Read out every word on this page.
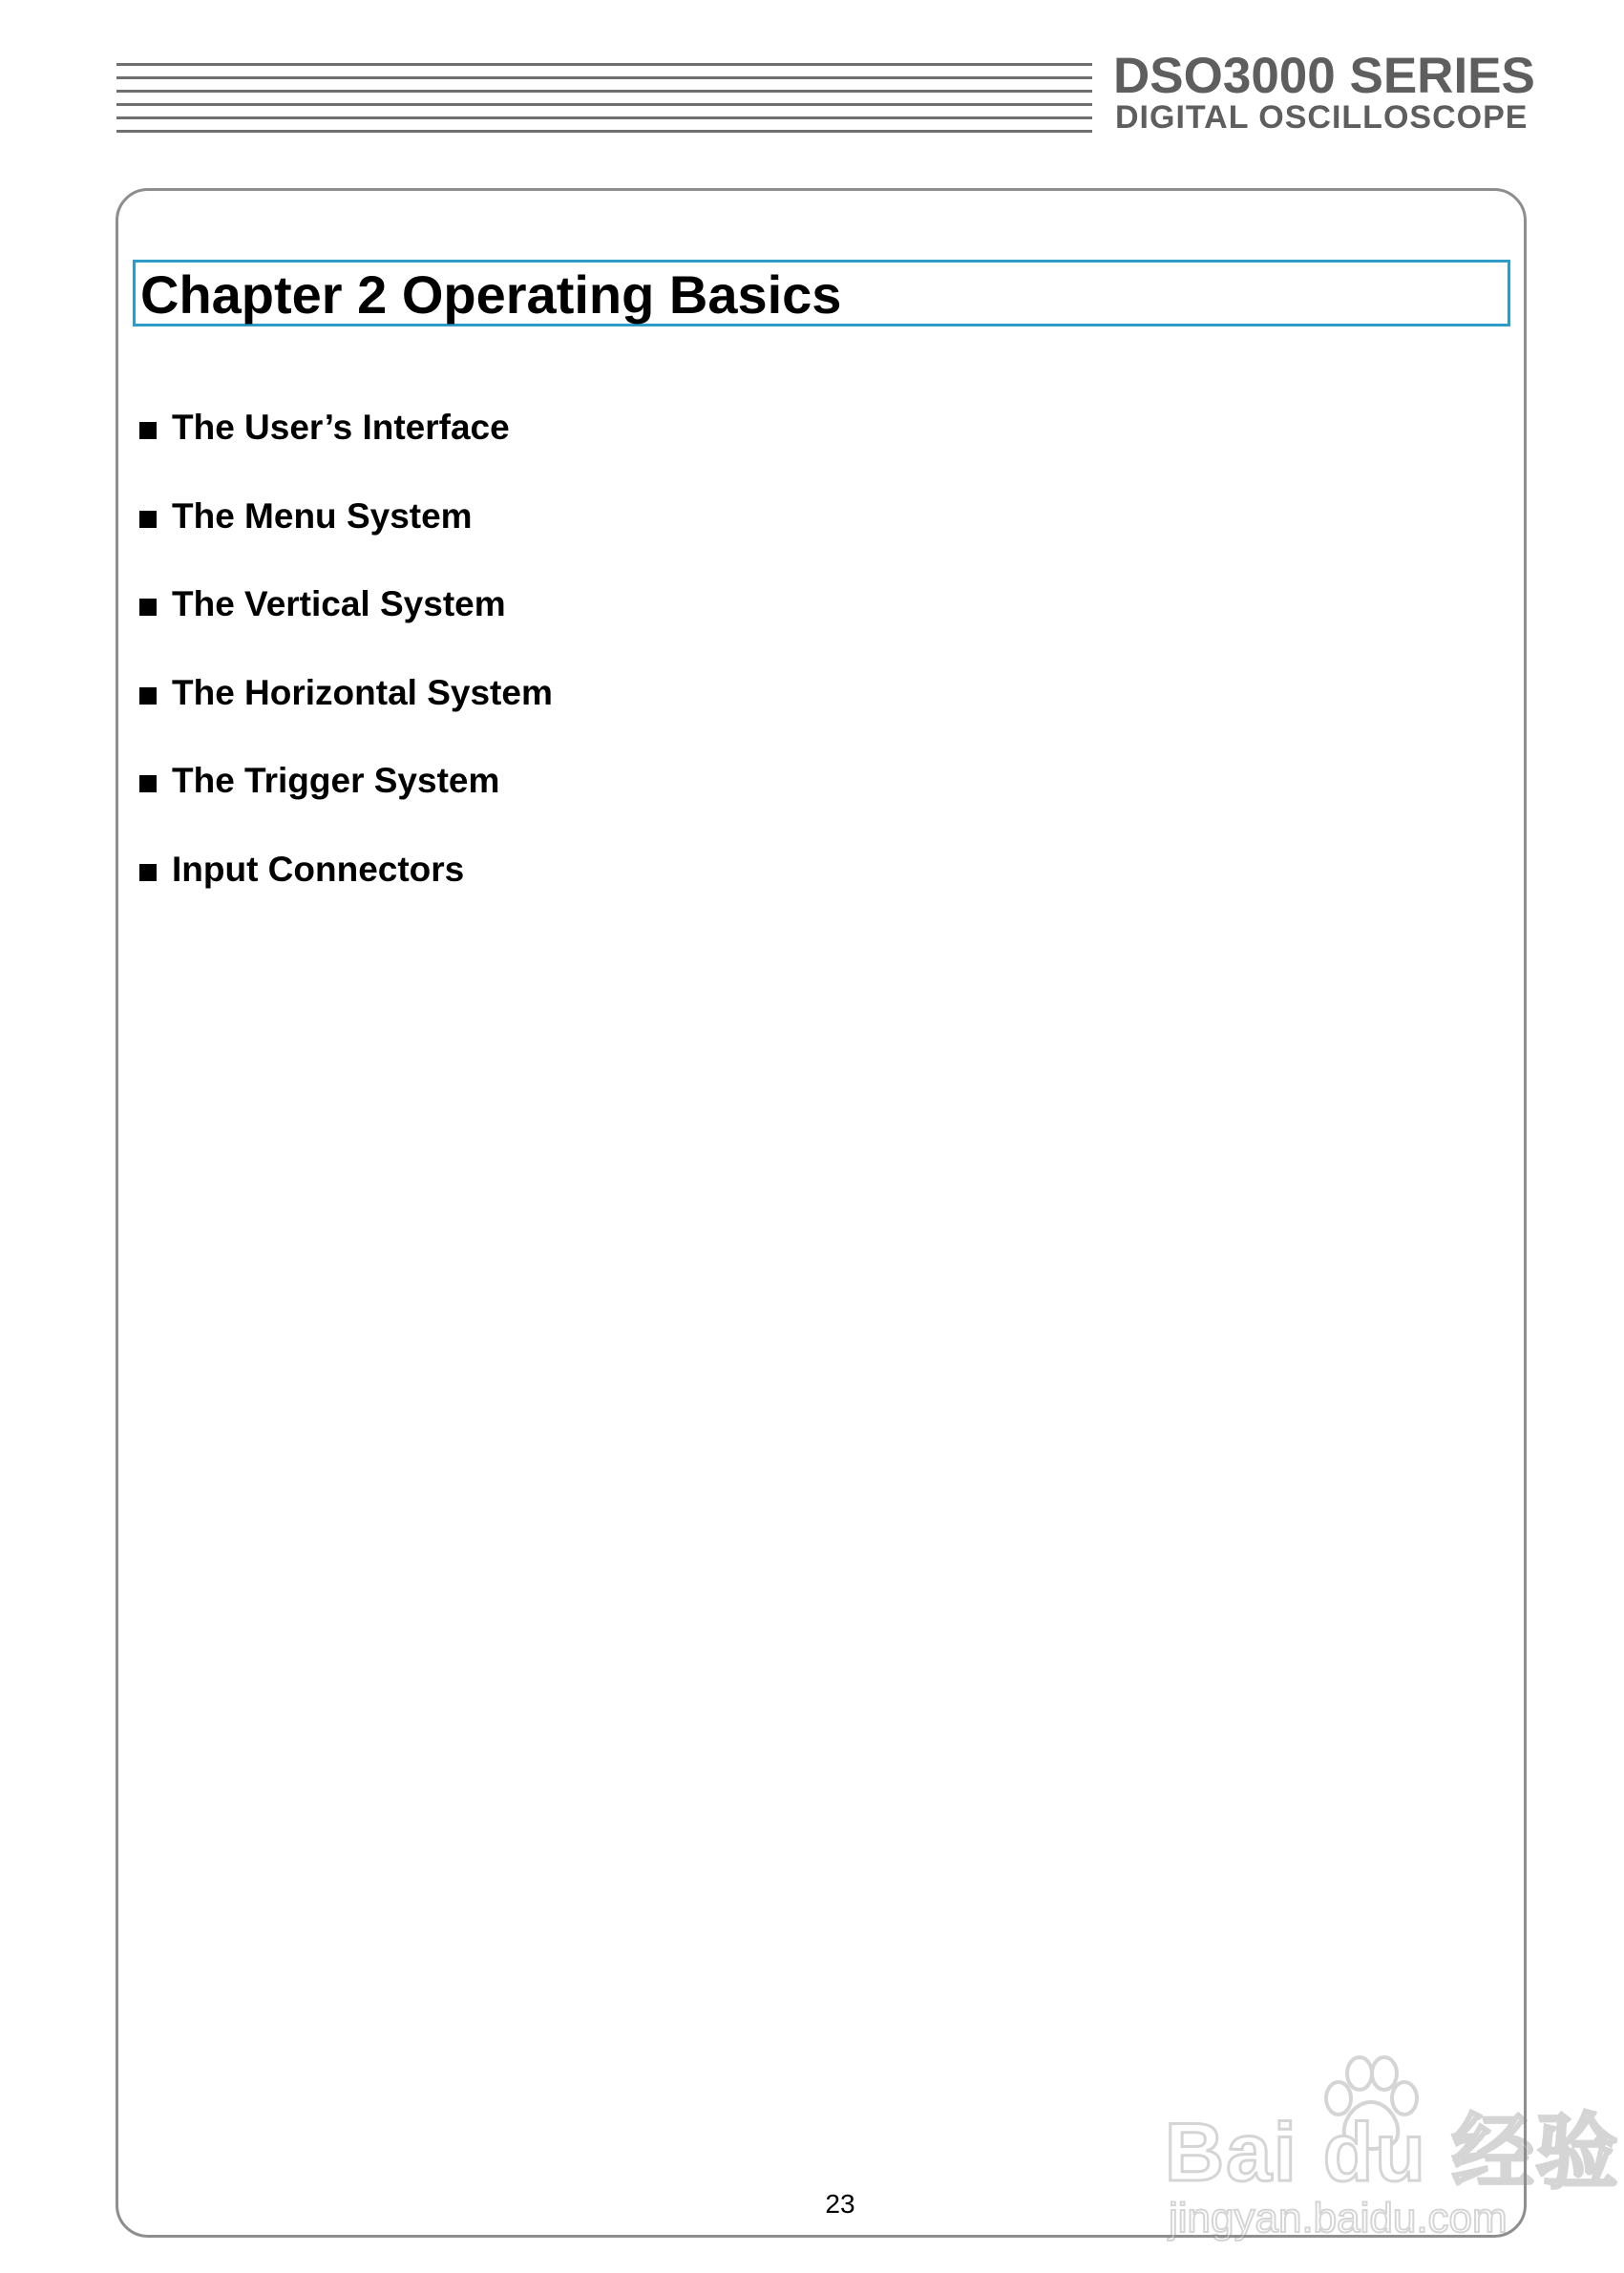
DSO3000 SERIES
DIGITAL OSCILLOSCOPE
Chapter 2 Operating Basics
The User’s Interface
The Menu System
The Vertical System
The Horizontal System
The Trigger System
Input Connectors
23
Bai du 经验
jingyan.baidu.com
